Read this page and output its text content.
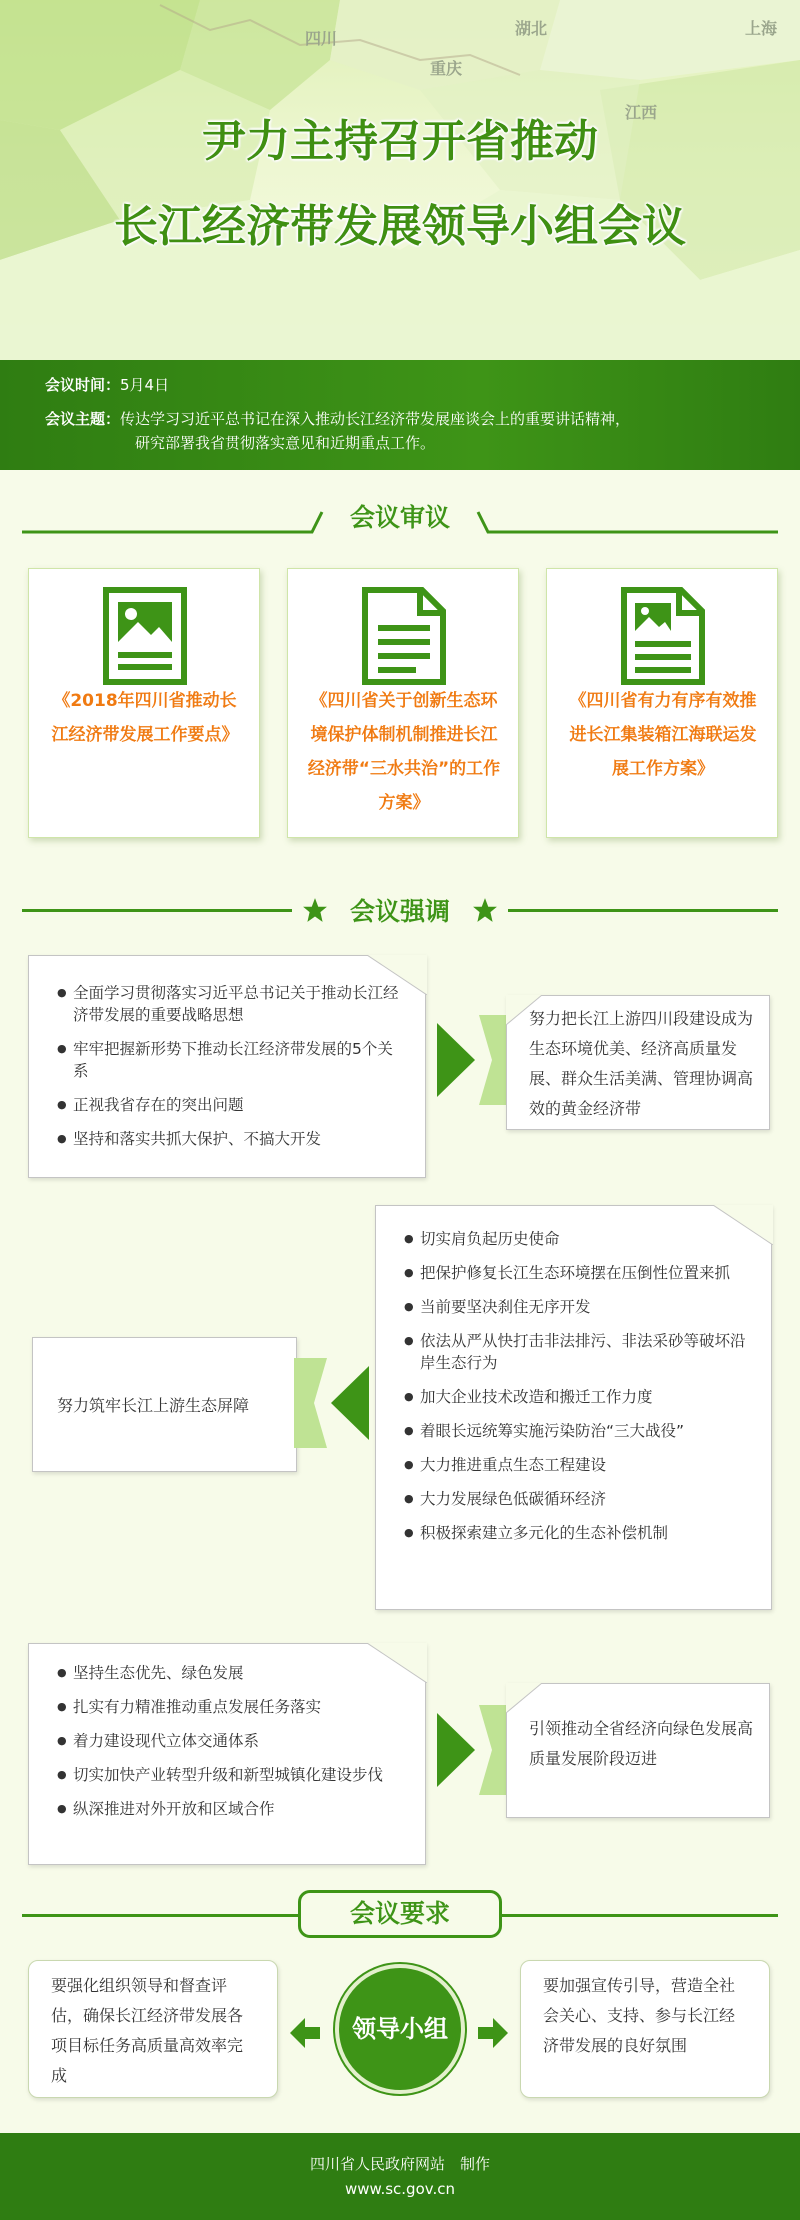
四川
湖北
重庆
上海
江西
尹力主持召开省推动
长江经济带发展领导小组会议
会议时间：5月4日
会议主题：传达学习习近平总书记在深入推动长江经济带发展座谈会上的重要讲话精神，
研究部署我省贯彻落实意见和近期重点工作。
会议审议
《2018年四川省推动长江经济带发展工作要点》
《四川省关于创新生态环境保护体制机制推进长江经济带“三水共治”的工作方案》
《四川省有力有序有效推进长江集装箱江海联运发展工作方案》
会议强调
● 全面学习贯彻落实习近平总书记关于推动长江经济带发展的重要战略思想
● 牢牢把握新形势下推动长江经济带发展的5个关系
● 正视我省存在的突出问题
● 坚持和落实共抓大保护、不搞大开发
努力把长江上游四川段建设成为生态环境优美、经济高质量发展、群众生活美满、管理协调高效的黄金经济带
● 切实肩负起历史使命
● 把保护修复长江生态环境摆在压倒性位置来抓
● 当前要坚决刹住无序开发
● 依法从严从快打击非法排污、非法采砂等破坏沿岸生态行为
● 加大企业技术改造和搬迁工作力度
● 着眼长远统筹实施污染防治“三大战役”
● 大力推进重点生态工程建设
● 大力发展绿色低碳循环经济
● 积极探索建立多元化的生态补偿机制
努力筑牢长江上游生态屏障
● 坚持生态优先、绿色发展
● 扎实有力精准推动重点发展任务落实
● 着力建设现代立体交通体系
● 切实加快产业转型升级和新型城镇化建设步伐
● 纵深推进对外开放和区域合作
引领推动全省经济向绿色发展高质量发展阶段迈进
会议要求
要强化组织领导和督查评估，确保长江经济带发展各项目标任务高质量高效率完成
领导小组
要加强宣传引导，营造全社会关心、支持、参与长江经济带发展的良好氛围
四川省人民政府网站　制作
www.sc.gov.cn
